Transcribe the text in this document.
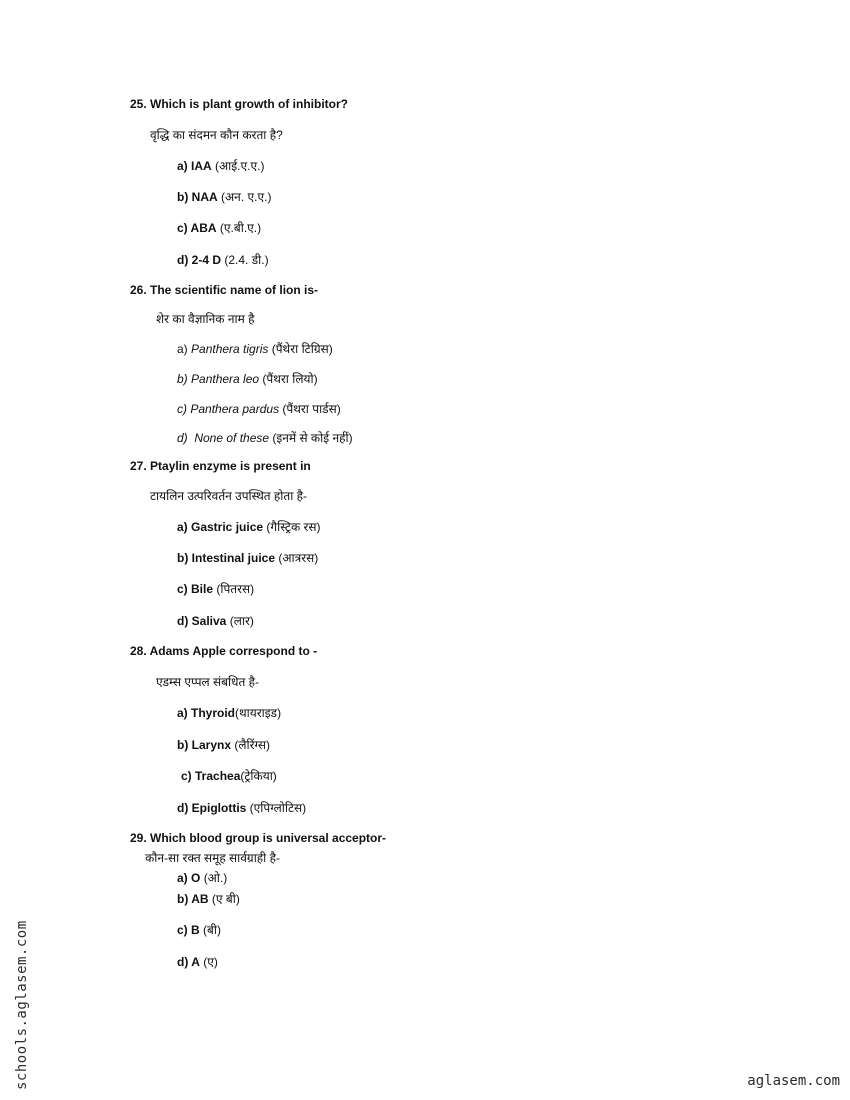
25. Which is plant growth of inhibitor?
वृद्धि का संदमन कौन करता है?
a) IAA (आई.ए.ए.)
b) NAA (अन. ए.ए.)
c) ABA (ए.बी.ए.)
d) 2-4 D (2.4. डी.)
26. The scientific name of lion is-
शेर का वैज्ञानिक नाम है
a) Panthera tigris (पैंथेरा टिग्रिस)
b) Panthera leo (पैंथरा लियो)
c) Panthera pardus (पैंथरा पार्डस)
d) None of these (इनमें से कोई नहीं)
27. Ptaylin enzyme is present in
टायलिन उत्परिवर्तन उपस्थित होता है-
a) Gastric juice (गैस्ट्रिक रस)
b) Intestinal juice (आत्ररस)
c) Bile (पितरस)
d) Saliva (लार)
28. Adams Apple correspond to -
एडम्स एप्पल संबधित है-
a) Thyroid(थायराइड)
b) Larynx (लैरिंग्स)
c) Trachea(ट्रेकिया)
d) Epiglottis (एपिग्लोटिस)
29. Which blood group is universal acceptor-
कौन-सा रक्त समूह सार्वग्राही है-
a) O (ओ.)
b) AB (ए बी)
c) B (बी)
d) A (ए)
schools.aglasem.com	aglasem.com
